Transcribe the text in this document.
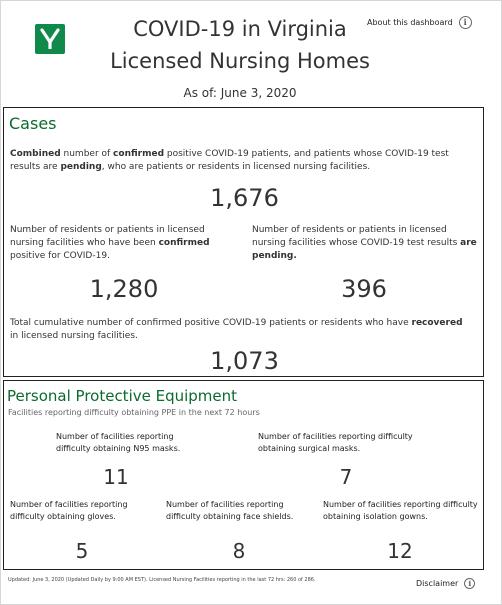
COVID-19 in Virginia
Licensed Nursing Homes
About this dashboard	i
As of: June 3, 2020
Cases
Combined number of confirmed positive COVID-19 patients, and patients whose COVID-19 test results are pending, who are patients or residents in licensed nursing facilities.
1,676
Number of residents or patients in licensed nursing facilities who have been confirmed positive for COVID-19.
1,280
Number of residents or patients in licensed nursing facilities whose COVID-19 test results are pending.
396
Total cumulative number of confirmed positive COVID-19 patients or residents who have recovered in licensed nursing facilities.
1,073
Personal Protective Equipment
Facilities reporting difficulty obtaining PPE in the next 72 hours
Number of facilities reporting difficulty obtaining N95 masks.
11
Number of facilities reporting difficulty obtaining surgical masks.
7
Number of facilities reporting difficulty obtaining gloves.
5
Number of facilities reporting difficulty obtaining face shields.
8
Number of facilities reporting difficulty obtaining isolation gowns.
12
Updated: June 3, 2020 (Updated Daily by 9:00 AM EST). Licensed Nursing Facilities reporting in the last 72 hrs: 260 of 286.	Disclaimer	i
